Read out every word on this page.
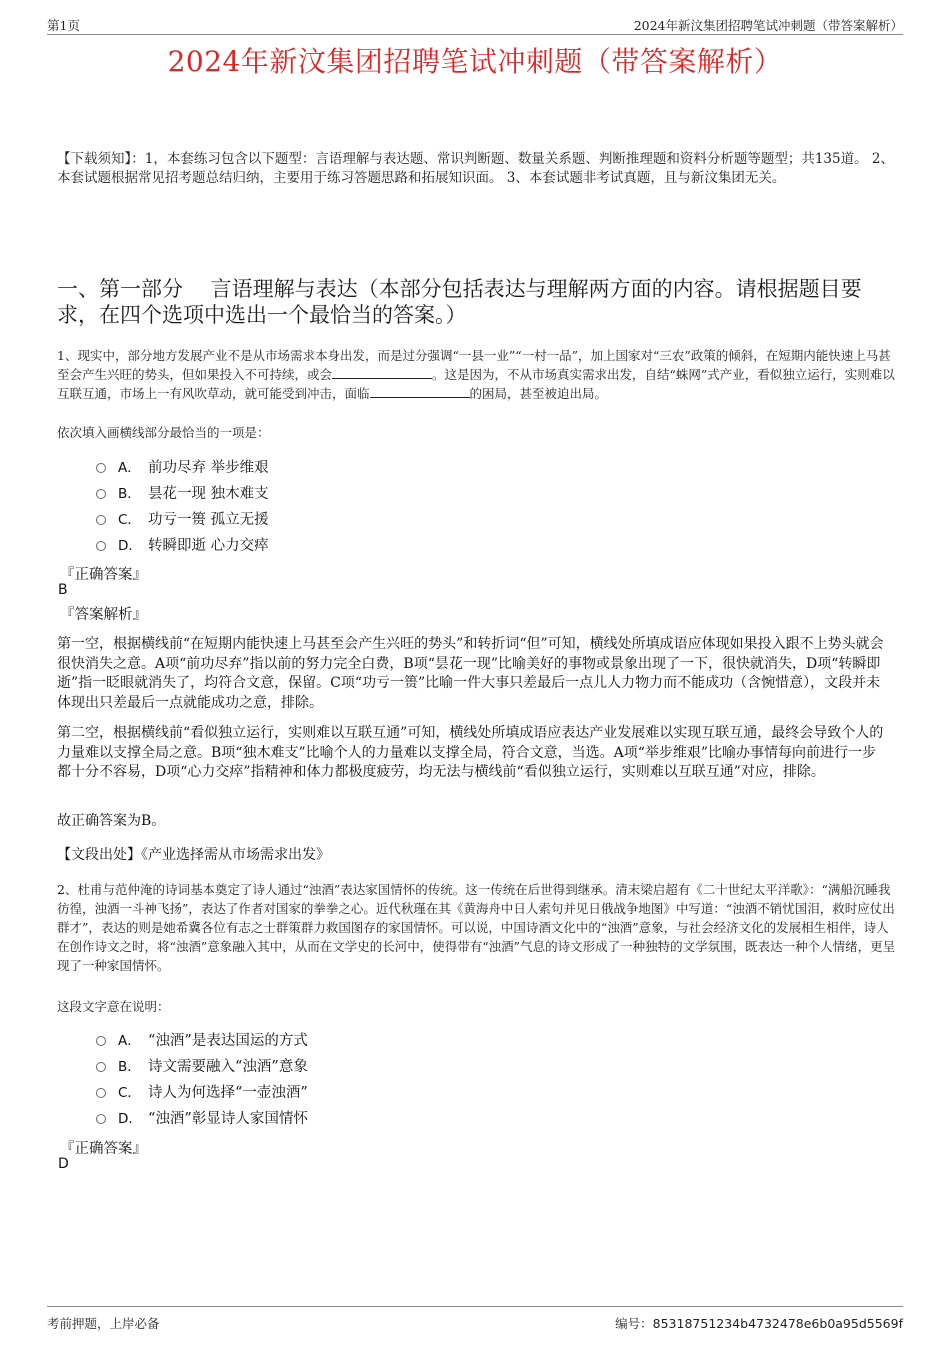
第1页	2024年新汶集团招聘笔试冲刺题（带答案解析）
2024年新汶集团招聘笔试冲刺题（带答案解析）
【下载须知】：1，本套练习包含以下题型：言语理解与表达题、常识判断题、数量关系题、判断推理题和资料分析题等题型；共135道。 2、本套试题根据常见招考题总结归纳，主要用于练习答题思路和拓展知识面。 3、本套试题非考试真题，且与新汶集团无关。
一、第一部分　 言语理解与表达（本部分包括表达与理解两方面的内容。请根据题目要求，在四个选项中选出一个最恰当的答案。）
1、现实中，部分地方发展产业不是从市场需求本身出发，而是过分强调“一县一业”“一村一品”，加上国家对“三农”政策的倾斜，在短期内能快速上马甚至会产生兴旺的势头，但如果投入不可持续，或会	。这是因为，不从市场真实需求出发，自结“蛛网”式产业，看似独立运行，实则难以互联互通，市场上一有风吹草动，就可能受到冲击，面临	的困局，甚至被迫出局。
依次填入画横线部分最恰当的一项是：
A． 前功尽弃 举步维艰
B． 昙花一现 独木难支
C． 功亏一篑 孤立无援
D． 转瞬即逝 心力交瘁
『正确答案』
B
『答案解析』
第一空，根据横线前“在短期内能快速上马甚至会产生兴旺的势头”和转折词“但”可知，横线处所填成语应体现如果投入跟不上势头就会很快消失之意。A项“前功尽弃”指以前的努力完全白费，B项“昙花一现”比喻美好的事物或景象出现了一下，很快就消失，D项“转瞬即逝”指一眨眼就消失了，均符合文意，保留。C项“功亏一篑”比喻一件大事只差最后一点儿人力物力而不能成功（含惋惜意），文段并未体现出只差最后一点就能成功之意，排除。
第二空，根据横线前“看似独立运行，实则难以互联互通”可知，横线处所填成语应表达产业发展难以实现互联互通，最终会导致个人的力量难以支撑全局之意。B项“独木难支”比喻个人的力量难以支撑全局，符合文意，当选。A项“举步维艰”比喻办事情每向前进行一步都十分不容易，D项“心力交瘁”指精神和体力都极度疲劳，均无法与横线前“看似独立运行，实则难以互联互通”对应，排除。
故正确答案为B。
【文段出处】《产业选择需从市场需求出发》
2、杜甫与范仲淹的诗词基本奠定了诗人通过“浊酒”表达家国情怀的传统。这一传统在后世得到继承。清末梁启超有《二十世纪太平洋歌》：“满船沉睡我彷徨，浊酒一斗神飞扬”，表达了作者对国家的拳拳之心。近代秋瑾在其《黄海舟中日人索句并见日俄战争地图》中写道：“浊酒不销忧国泪，救时应仗出群才”，表达的则是她希冀各位有志之士群策群力救国图存的家国情怀。可以说，中国诗酒文化中的“浊酒”意象，与社会经济文化的发展相生相伴，诗人在创作诗文之时，将“浊酒”意象融入其中，从而在文学史的长河中，使得带有“浊酒”气息的诗文形成了一种独特的文学氛围，既表达一种个人情绪，更呈现了一种家国情怀。
这段文字意在说明：
A． “浊酒”是表达国运的方式
B． 诗文需要融入“浊酒”意象
C． 诗人为何选择“一壶浊酒”
D． “浊酒”彰显诗人家国情怀
『正确答案』
D
考前押题，上岸必备	编号：85318751234b4732478e6b0a95d5569f
